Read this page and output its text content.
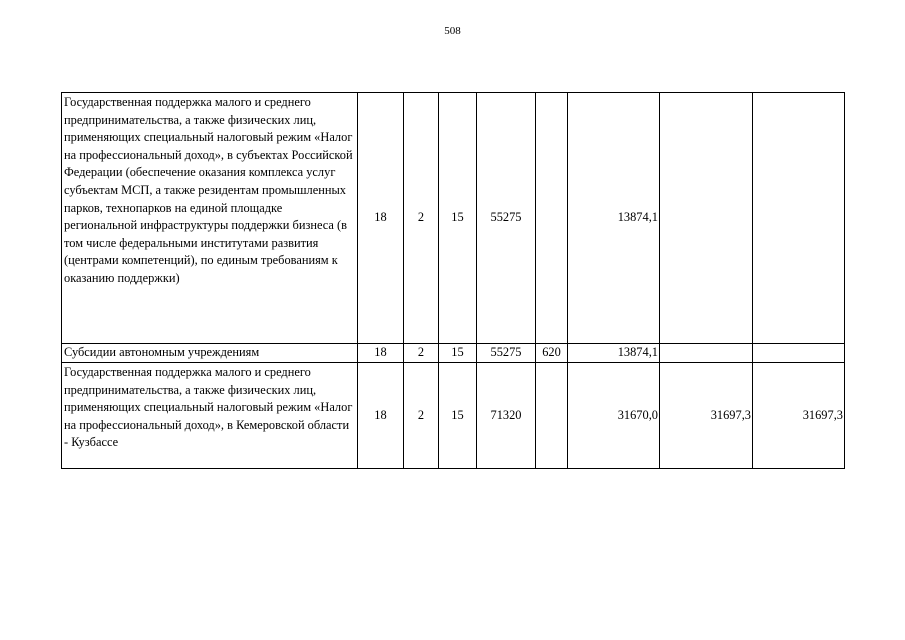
508
Государственная поддержка малого и среднего предпринимательства, а также физических лиц, применяющих специальный налоговый режим «Налог на профессиональный доход», в субъектах Российской Федерации (обеспечение оказания комплекса услуг субъектам МСП, а также резидентам промышленных парков, технопарков на единой площадке региональной инфраструктуры поддержки бизнеса (в том числе федеральными институтами развития (центрами компетенций), по единым требованиям к оказанию поддержки)	18	2	15	55275		13874,1		
Субсидии автономным учреждениям	18	2	15	55275	620	13874,1		
Государственная поддержка малого и среднего предпринимательства, а также физических лиц, применяющих специальный налоговый режим «Налог на профессиональный доход», в Кемеровской области - Кузбассе	18	2	15	71320		31670,0	31697,3	31697,3
